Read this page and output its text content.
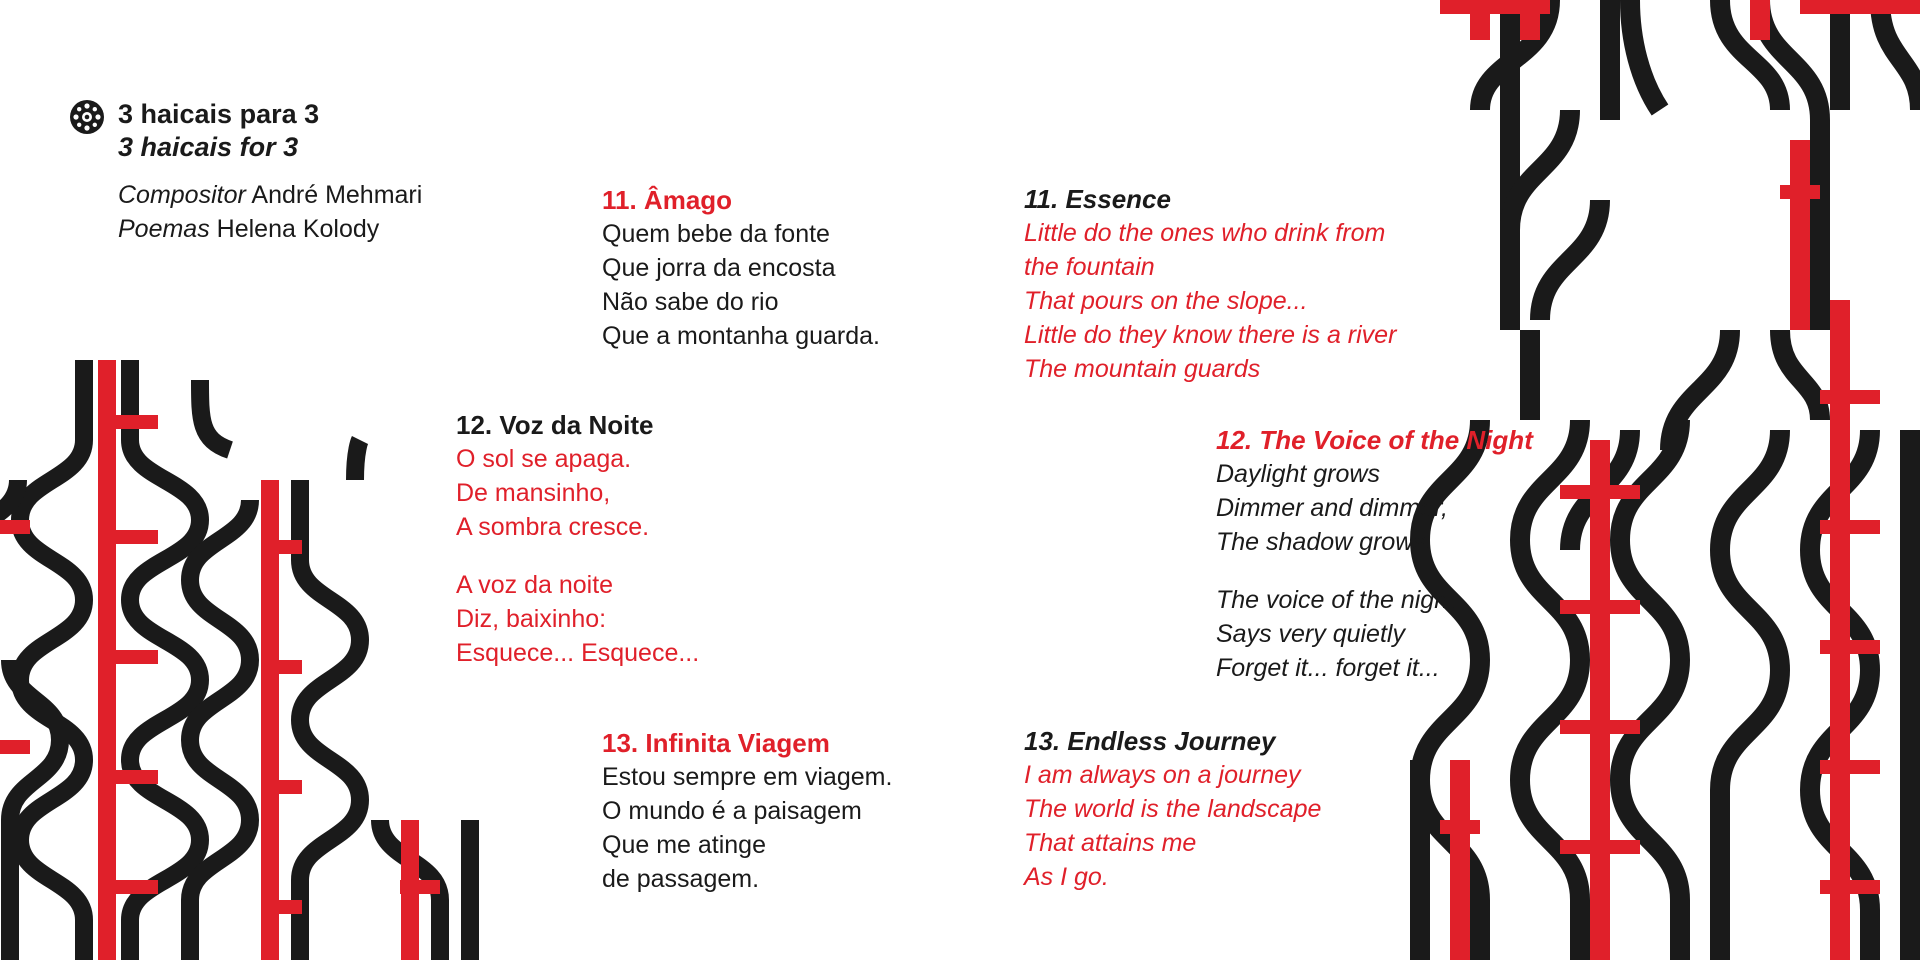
3 haicais para 3
3 haicais for 3
Compositor André Mehmari
Poemas Helena Kolody
11. Âmago
Quem bebe da fonte
Que jorra da encosta
Não sabe do rio
Que a montanha guarda.
11. Essence
Little do the ones who drink from
the fountain
That pours on the slope...
Little do they know there is a river
The mountain guards
12. Voz da Noite
O sol se apaga.
De mansinho,
A sombra cresce.
A voz da noite
Diz, baixinho:
Esquece... Esquece...
12. The Voice of the Night
Daylight grows
Dimmer and dimmer,
The shadow grows.
The voice of the night
Says very quietly
Forget it... forget it...
13. Infinita Viagem
Estou sempre em viagem.
O mundo é a paisagem
Que me atinge
de passagem.
13. Endless Journey
I am always on a journey
The world is the landscape
That attains me
As I go.
